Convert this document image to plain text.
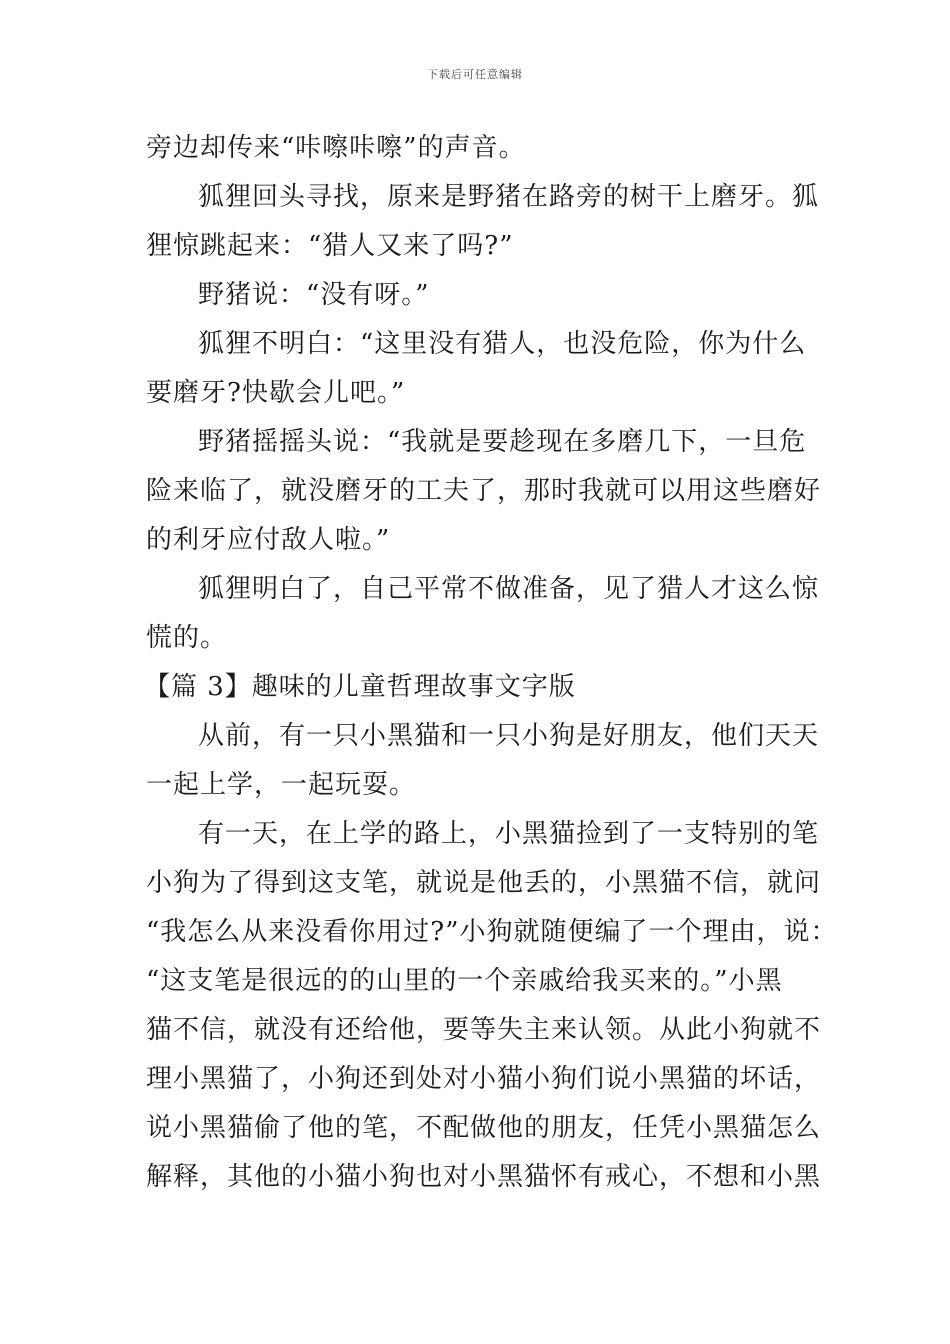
下载后可任意编辑
旁边却传来“咔嚓咔嚓”的声音。
狐狸回头寻找，原来是野猪在路旁的树干上磨牙。狐
狸惊跳起来：“猎人又来了吗?”
野猪说：“没有呀。”
狐狸不明白：“这里没有猎人，也没危险，你为什么
要磨牙?快歇会儿吧。”
野猪摇摇头说：“我就是要趁现在多磨几下，一旦危
险来临了，就没磨牙的工夫了，那时我就可以用这些磨好
的利牙应付敌人啦。”
狐狸明白了，自己平常不做准备，见了猎人才这么惊
慌的。
【篇 3】趣味的儿童哲理故事文字版
从前，有一只小黑猫和一只小狗是好朋友，他们天天
一起上学，一起玩耍。
有一天，在上学的路上，小黑猫捡到了一支特别的笔
小狗为了得到这支笔，就说是他丢的，小黑猫不信，就问
“我怎么从来没看你用过?”小狗就随便编了一个理由，说：
“这支笔是很远的的山里的一个亲戚给我买来的。”小黑
猫不信，就没有还给他，要等失主来认领。从此小狗就不
理小黑猫了，小狗还到处对小猫小狗们说小黑猫的坏话，
说小黑猫偷了他的笔，不配做他的朋友，任凭小黑猫怎么
解释，其他的小猫小狗也对小黑猫怀有戒心，不想和小黑
